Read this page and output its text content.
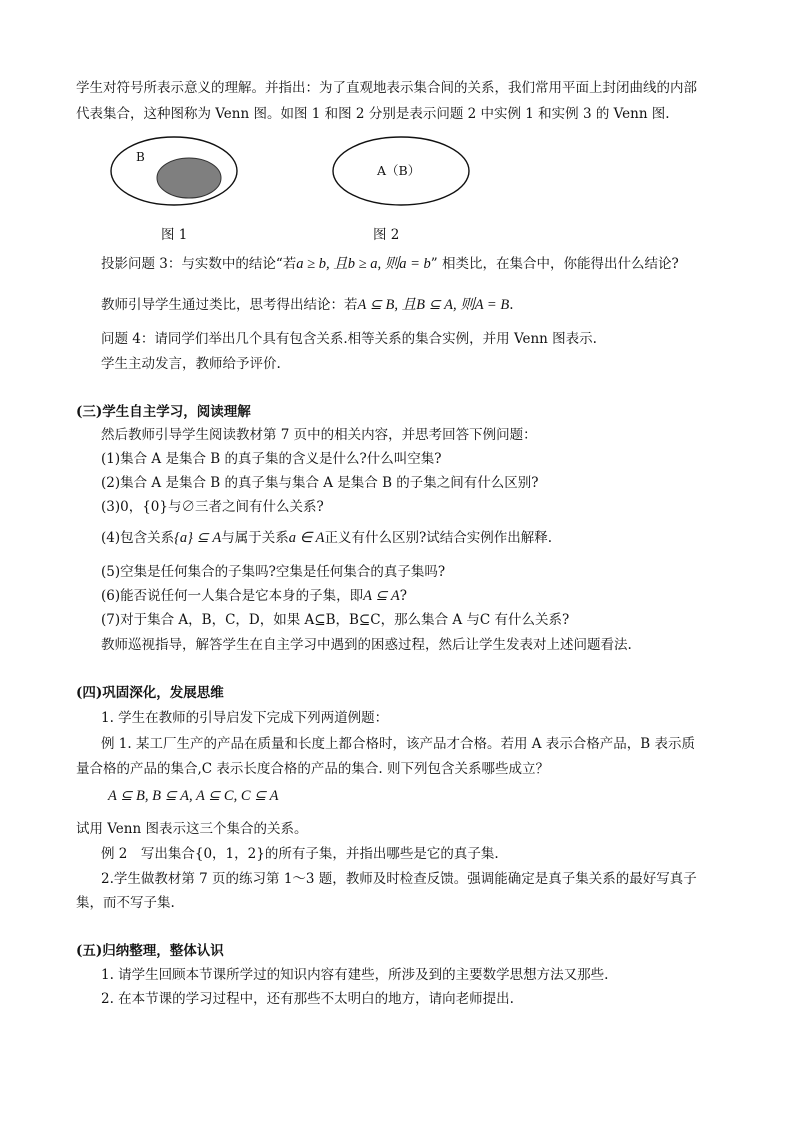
学生对符号所表示意义的理解。并指出：为了直观地表示集合间的关系，我们常用平面上封闭曲线的内部
代表集合，这种图称为 Venn 图。如图 1 和图 2 分别是表示问题 2 中实例 1 和实例 3 的 Venn 图.
B
A（B）
图 1	图 2
投影问题 3：与实数中的结论“若a ≥ b, 且b ≥ a, 则a = b” 相类比，在集合中，你能得出什么结论?
教师引导学生通过类比，思考得出结论：若A ⊆ B, 且B ⊆ A, 则A = B.
问题 4：请同学们举出几个具有包含关系.相等关系的集合实例，并用 Venn 图表示.
学生主动发言，教师给予评价.
(三)学生自主学习，阅读理解
然后教师引导学生阅读教材第 7 页中的相关内容，并思考回答下例问题：
(1)集合 A 是集合 B 的真子集的含义是什么?什么叫空集?
(2)集合 A 是集合 B 的真子集与集合 A 是集合 B 的子集之间有什么区别?
(3)0，{0}与∅三者之间有什么关系?
(4)包含关系{a} ⊆ A与属于关系a ∈ A正义有什么区别?试结合实例作出解释.
(5)空集是任何集合的子集吗?空集是任何集合的真子集吗?
(6)能否说任何一人集合是它本身的子集，即A ⊆ A?
(7)对于集合 A，B，C，D，如果 A⊆B，B⊆C，那么集合 A 与C 有什么关系?
教师巡视指导，解答学生在自主学习中遇到的困惑过程，然后让学生发表对上述问题看法.
(四)巩固深化，发展思维
1. 学生在教师的引导启发下完成下列两道例题：
例 1. 某工厂生产的产品在质量和长度上都合格时，该产品才合格。若用 A 表示合格产品，B 表示质
量合格的产品的集合,C 表示长度合格的产品的集合. 则下列包含关系哪些成立？
A ⊆ B, B ⊆ A, A ⊆ C, C ⊆ A
试用 Venn 图表示这三个集合的关系。
例 2　写出集合{0，1，2}的所有子集，并指出哪些是它的真子集.
2.学生做教材第 7 页的练习第 1～3 题，教师及时检查反馈。强调能确定是真子集关系的最好写真子
集，而不写子集.
(五)归纳整理，整体认识
1. 请学生回顾本节课所学过的知识内容有建些，所涉及到的主要数学思想方法又那些.
2. 在本节课的学习过程中，还有那些不太明白的地方，请向老师提出.
